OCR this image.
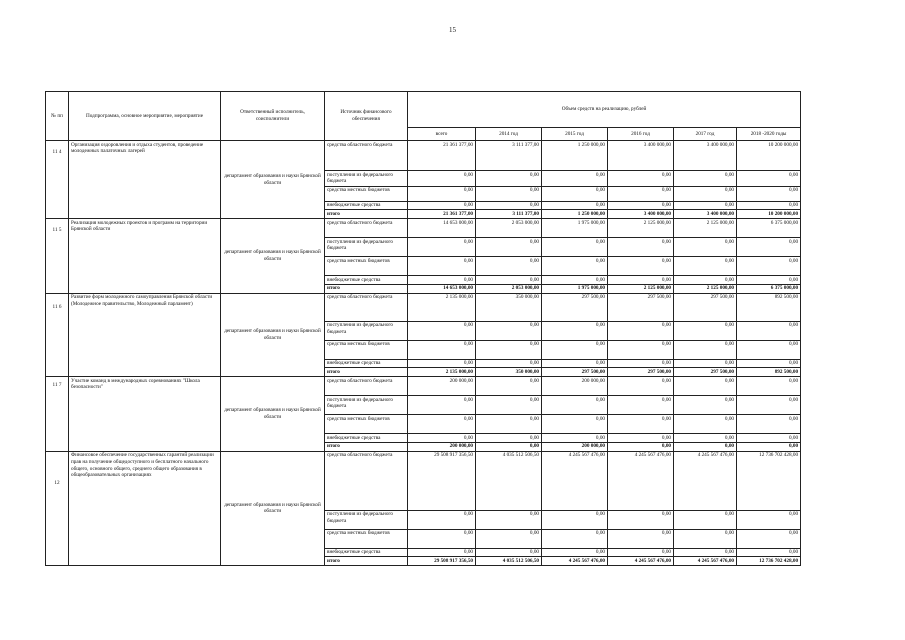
15
№ пп	Подпрограмма, основное мероприятие, мероприятие	Ответственный исполнитель, соисполнители	Источник финансового обеспечения	Объем средств на реализацию, рублей					
				всего	2014 год	2015 год	2016 год	2017 год	2018 -2020 годы
11 4	Организация оздоровления и отдыха студентов, проведение молодежных палаточных лагерей	департамент образования и науки Брянской области	средства областного бюджета	21 361 377,00	3 111 377,00	1 250 000,00	3 400 000,00	3 400 000,00	10 200 000,00
			поступления из федерального бюджета	0,00	0,00	0,00	0,00	0,00	0,00
			средства местных бюджетов	0,00	0,00	0,00	0,00	0,00	0,00
			внебюджетные средства	0,00	0,00	0,00	0,00	0,00	0,00
			итого	21 361 377,00	3 111 377,00	1 250 000,00	3 400 000,00	3 400 000,00	10 200 000,00
11 5	Реализация молодежных проектов и программ на территории Брянской области	департамент образования и науки Брянской области	средства областного бюджета	14 653 000,00	2 053 000,00	1 975 000,00	2 125 000,00	2 125 000,00	6 375 000,00
			поступления из федерального бюджета	0,00	0,00	0,00	0,00	0,00	0,00
			средства местных бюджетов	0,00	0,00	0,00	0,00	0,00	0,00
			внебюджетные средства	0,00	0,00	0,00	0,00	0,00	0,00
			итого	14 653 000,00	2 053 000,00	1 975 000,00	2 125 000,00	2 125 000,00	6 375 000,00
11 6	Развитие форм молодежного самоуправления Брянской области (Молодежное правительство, Молодежный парламент)	департамент образования и науки Брянской области	средства областного бюджета	2 135 000,00	350 000,00	297 500,00	297 500,00	297 500,00	892 500,00
			поступления из федерального бюджета	0,00	0,00	0,00	0,00	0,00	0,00
			средства местных бюджетов	0,00	0,00	0,00	0,00	0,00	0,00
			внебюджетные средства	0,00	0,00	0,00	0,00	0,00	0,00
			итого	2 135 000,00	350 000,00	297 500,00	297 500,00	297 500,00	892 500,00
11 7	Участие команд в международных соревнованиях "Школа безопасности"	департамент образования и науки Брянской области	средства областного бюджета	200 000,00	0,00	200 000,00	0,00	0,00	0,00
			поступления из федерального бюджета	0,00	0,00	0,00	0,00	0,00	0,00
			средства местных бюджетов	0,00	0,00	0,00	0,00	0,00	0,00
			внебюджетные средства	0,00	0,00	0,00	0,00	0,00	0,00
			итого	200 000,00	0,00	200 000,00	0,00	0,00	0,00
12	Финансовое обеспечение государственных гарантий реализации прав на получение общедоступного и бесплатного начального общего, основного общего, среднего общего образования в общеобразовательных организациях	департамент образования и науки Брянской области	средства областного бюджета	29 508 917 356,50	4 035 512 506,50	4 245 567 476,00	4 245 567 476,00	4 245 567 476,00	12 736 702 428,00
			поступления из федерального бюджета	0,00	0,00	0,00	0,00	0,00	0,00
			средства местных бюджетов	0,00	0,00	0,00	0,00	0,00	0,00
			внебюджетные средства	0,00	0,00	0,00	0,00	0,00	0,00
			итого	29 508 917 356,50	4 035 512 506,50	4 245 567 476,00	4 245 567 476,00	4 245 567 476,00	12 736 702 428,00
